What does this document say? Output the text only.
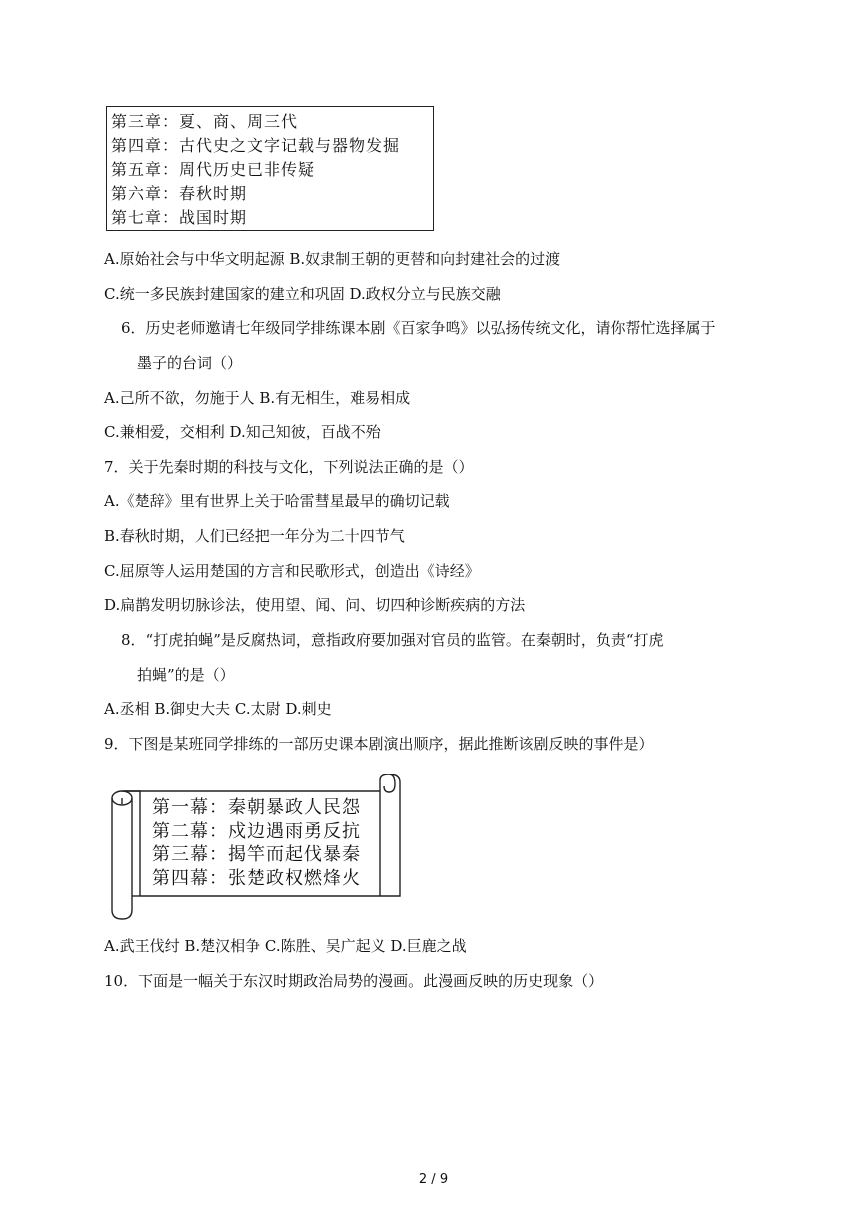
第三章：夏、商、周三代
第四章：古代史之文字记载与器物发掘
第五章：周代历史已非传疑
第六章：春秋时期
第七章：战国时期
A.原始社会与中华文明起源 B.奴隶制王朝的更替和向封建社会的过渡
C.统一多民族封建国家的建立和巩固 D.政权分立与民族交融
6．历史老师邀请七年级同学排练课本剧《百家争鸣》以弘扬传统文化，请你帮忙选择属于
墨子的台词（）
A.己所不欲，勿施于人 B.有无相生，难易相成
C.兼相爱，交相利 D.知己知彼，百战不殆
7．关于先秦时期的科技与文化，下列说法正确的是（）
A.《楚辞》里有世界上关于哈雷彗星最早的确切记载
B.春秋时期，人们已经把一年分为二十四节气
C.屈原等人运用楚国的方言和民歌形式，创造出《诗经》
D.扁鹊发明切脉诊法，使用望、闻、问、切四种诊断疾病的方法
8．“打虎拍蝇”是反腐热词，意指政府要加强对官员的监管。在秦朝时，负责“打虎
拍蝇”的是（）
A.丞相 B.御史大夫 C.太尉 D.刺史
9．下图是某班同学排练的一部历史课本剧演出顺序，据此推断该剧反映的事件是）
第一幕：秦朝暴政人民怨
第二幕：戍边遇雨勇反抗
第三幕：揭竿而起伐暴秦
第四幕：张楚政权燃烽火
A.武王伐纣 B.楚汉相争 C.陈胜、吴广起义 D.巨鹿之战
10．下面是一幅关于东汉时期政治局势的漫画。此漫画反映的历史现象（）
2 / 9
